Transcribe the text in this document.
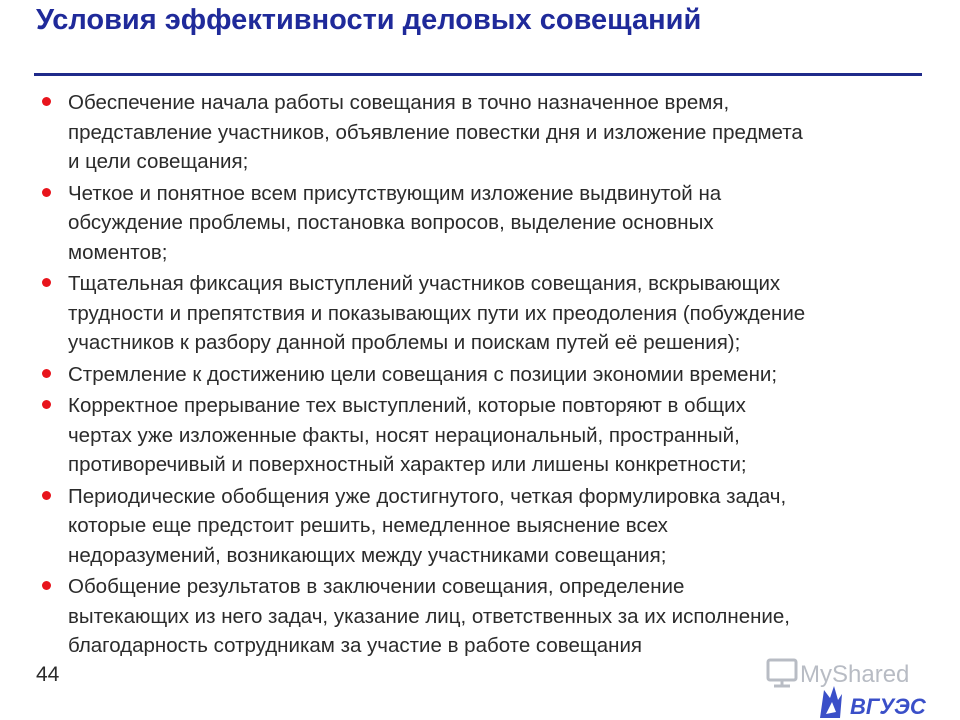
Условия эффективности деловых совещаний
Обеспечение начала работы совещания в точно назначенное время,
представление участников, объявление повестки дня и изложение предмета
и цели совещания;
Четкое и понятное всем присутствующим изложение выдвинутой на
обсуждение проблемы, постановка вопросов, выделение основных
моментов;
Тщательная фиксация выступлений участников совещания, вскрывающих
трудности и препятствия и показывающих пути их преодоления (побуждение
участников к разбору данной проблемы и поискам путей её решения);
Стремление к достижению цели совещания с позиции экономии времени;
Корректное прерывание тех выступлений, которые повторяют в общих
чертах уже изложенные факты, носят нерациональный, пространный,
противоречивый и поверхностный характер или лишены конкретности;
Периодические обобщения уже достигнутого, четкая формулировка задач,
которые еще предстоит решить, немедленное выяснение всех
недоразумений, возникающих между участниками совещания;
Обобщение результатов в заключении совещания, определение
вытекающих из него задач, указание лиц, ответственных за их исполнение,
благодарность сотрудникам за участие в работе совещания
44	MyShared
ВГУЭС
